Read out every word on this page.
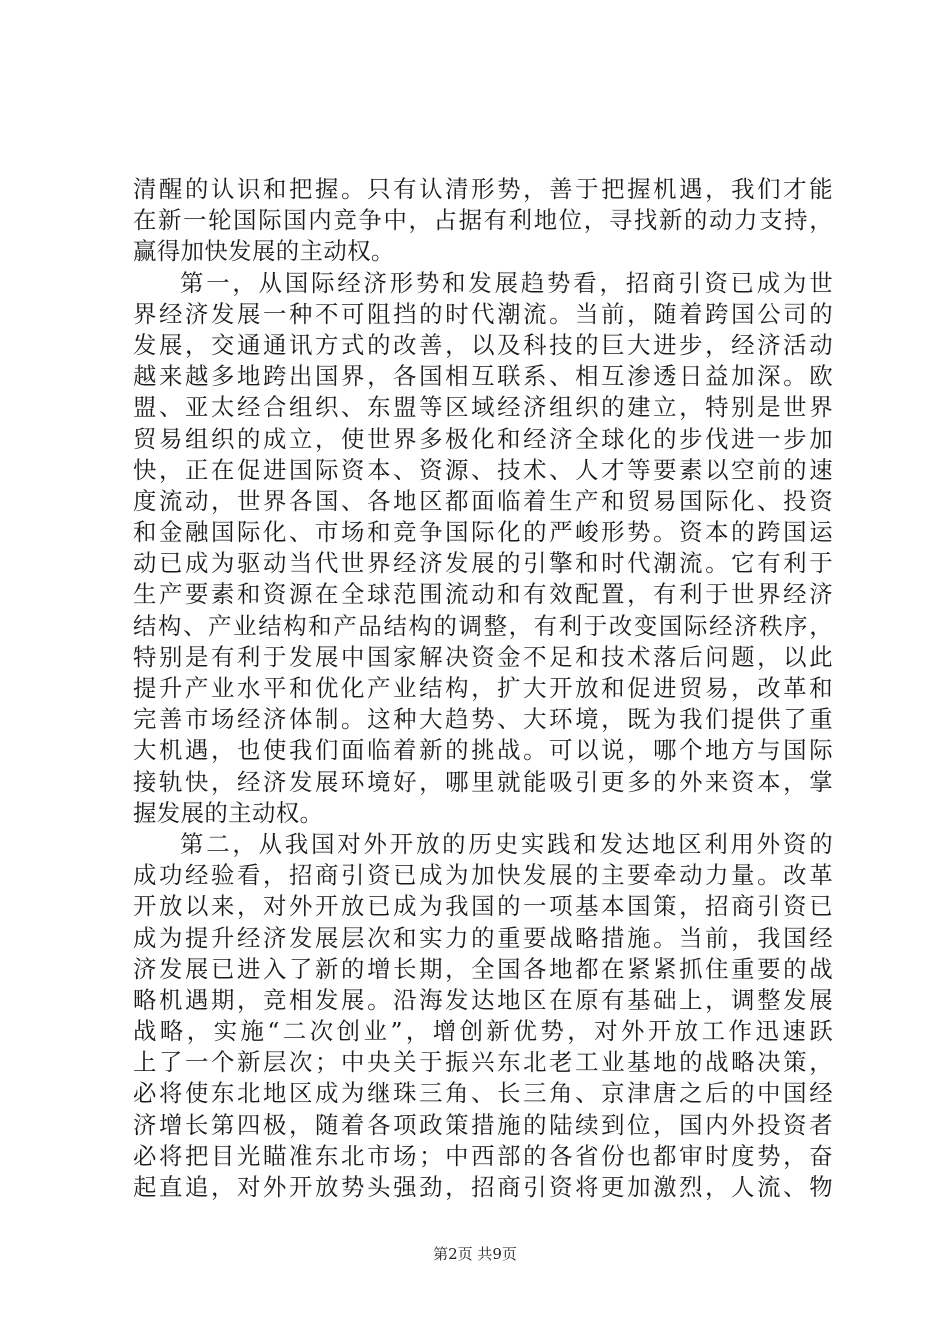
清醒的认识和把握。只有认清形势，善于把握机遇，我们才能
在新一轮国际国内竞争中，占据有利地位，寻找新的动力支持，
赢得加快发展的主动权。
第一，从国际经济形势和发展趋势看，招商引资已成为世
界经济发展一种不可阻挡的时代潮流。当前，随着跨国公司的
发展，交通通讯方式的改善，以及科技的巨大进步，经济活动
越来越多地跨出国界，各国相互联系、相互渗透日益加深。欧
盟、亚太经合组织、东盟等区域经济组织的建立，特别是世界
贸易组织的成立，使世界多极化和经济全球化的步伐进一步加
快，正在促进国际资本、资源、技术、人才等要素以空前的速
度流动，世界各国、各地区都面临着生产和贸易国际化、投资
和金融国际化、市场和竞争国际化的严峻形势。资本的跨国运
动已成为驱动当代世界经济发展的引擎和时代潮流。它有利于
生产要素和资源在全球范围流动和有效配置，有利于世界经济
结构、产业结构和产品结构的调整，有利于改变国际经济秩序，
特别是有利于发展中国家解决资金不足和技术落后问题，以此
提升产业水平和优化产业结构，扩大开放和促进贸易，改革和
完善市场经济体制。这种大趋势、大环境，既为我们提供了重
大机遇，也使我们面临着新的挑战。可以说，哪个地方与国际
接轨快，经济发展环境好，哪里就能吸引更多的外来资本，掌
握发展的主动权。
第二，从我国对外开放的历史实践和发达地区利用外资的
成功经验看，招商引资已成为加快发展的主要牵动力量。改革
开放以来，对外开放已成为我国的一项基本国策，招商引资已
成为提升经济发展层次和实力的重要战略措施。当前，我国经
济发展已进入了新的增长期，全国各地都在紧紧抓住重要的战
略机遇期，竞相发展。沿海发达地区在原有基础上，调整发展
战略，实施“二次创业”，增创新优势，对外开放工作迅速跃
上了一个新层次；中央关于振兴东北老工业基地的战略决策，
必将使东北地区成为继珠三角、长三角、京津唐之后的中国经
济增长第四极，随着各项政策措施的陆续到位，国内外投资者
必将把目光瞄准东北市场；中西部的各省份也都审时度势，奋
起直追，对外开放势头强劲，招商引资将更加激烈，人流、物
第2页 共9页
